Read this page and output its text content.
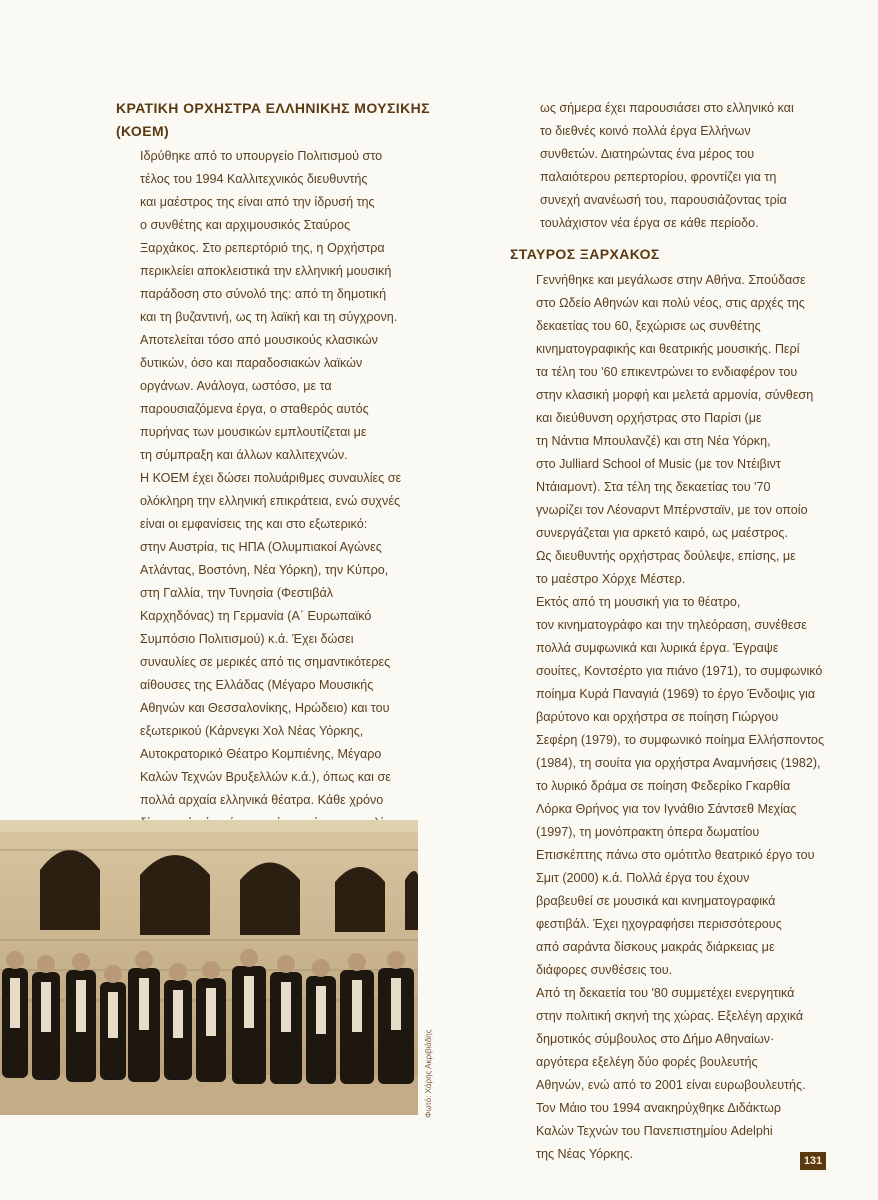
ΚΡΑΤΙΚΗ ΟΡΧΗΣΤΡΑ ΕΛΛΗΝΙΚΗΣ ΜΟΥΣΙΚΗΣ
(ΚΟΕΜ)
Ιδρύθηκε από το υπουργείο Πολιτισμού στο
τέλος του 1994 Καλλιτεχνικός διευθυντής
και μαέστρος της είναι από την ίδρυσή της
ο συνθέτης και αρχιμουσικός Σταύρος
Ξαρχάκος. Στο ρεπερτόριό της, η Ορχήστρα
περικλείει αποκλειστικά την ελληνική μουσική
παράδοση στο σύνολό της: από τη δημοτική
και τη βυζαντινή, ως τη λαϊκή και τη σύγχρονη.
Αποτελείται τόσο από μουσικούς κλασικών
δυτικών, όσο και παραδοσιακών λαϊκών
οργάνων. Ανάλογα, ωστόσο, με τα
παρουσιαζόμενα έργα, ο σταθερός αυτός
πυρήνας των μουσικών εμπλουτίζεται με
τη σύμπραξη και άλλων καλλιτεχνών.
Η ΚΟΕΜ έχει δώσει πολυάριθμες συναυλίες σε
ολόκληρη την ελληνική επικράτεια, ενώ συχνές
είναι οι εμφανίσεις της και στο εξωτερικό:
στην Αυστρία, τις ΗΠΑ (Ολυμπιακοί Αγώνες
Ατλάντας, Βοστόνη, Νέα Υόρκη), την Κύπρο,
στη Γαλλία, την Τυνησία (Φεστιβάλ
Καρχηδόνας) τη Γερμανία (Α΄ Ευρωπαϊκό
Συμπόσιο Πολιτισμού) κ.ά. Έχει δώσει
συναυλίες σε μερικές από τις σημαντικότερες
αίθουσες της Ελλάδας (Μέγαρο Μουσικής
Αθηνών και Θεσσαλονίκης, Ηρώδειο) και του
εξωτερικού (Κάρνεγκι Χολ Νέας Υόρκης,
Αυτοκρατορικό Θέατρο Κομπιένης, Μέγαρο
Καλών Τεχνών Βρυξελλών κ.ά.), όπως και σε
πολλά αρχαία ελληνικά θέατρα. Κάθε χρόνο
ως σήμερα έχει παρουσιάσει στο ελληνικό και
το διεθνές κοινό πολλά έργα Ελλήνων
συνθετών. Διατηρώντας ένα μέρος του
παλαιότερου ρεπερτορίου, φροντίζει για τη
συνεχή ανανέωσή του, παρουσιάζοντας τρία
τουλάχιστον νέα έργα σε κάθε περίοδο.
ΣΤΑΥΡΟΣ ΞΑΡΧΑΚΟΣ
Γεννήθηκε και μεγάλωσε στην Αθήνα. Σπούδασε
στο Ωδείο Αθηνών και πολύ νέος, στις αρχές της
δεκαετίας του 60, ξεχώρισε ως συνθέτης
κινηματογραφικής και θεατρικής μουσικής. Περί
τα τέλη του '60 επικεντρώνει το ενδιαφέρον του
στην κλασική μορφή και μελετά αρμονία, σύνθεση
και διεύθυνση ορχήστρας στο Παρίσι (με
τη Νάντια Μπουλανζέ) και στη Νέα Υόρκη,
στο Julliard School of Music (με τον Ντέιβιντ
Ντάιαμοντ). Στα τέλη της δεκαετίας του '70
γνωρίζει τον Λέοναρντ Μπέρνσταϊν, με τον οποίο
συνεργάζεται για αρκετό καιρό, ως μαέστρος.
Ως διευθυντής ορχήστρας δούλεψε, επίσης, με
το μαέστρο Χόρχε Μέστερ.
Εκτός από τη μουσική για το θέατρο,
τον κινηματογράφο και την τηλεόραση, συνέθεσε
πολλά συμφωνικά και λυρικά έργα. Έγραψε
σουίτες, Κοντσέρτο για πιάνο (1971), το συμφωνικό
ποίημα Κυρά Παναγιά (1969) το έργο Ένδοψις για
βαρύτονο και ορχήστρα σε ποίηση Γιώργου
Σεφέρη (1979), το συμφωνικό ποίημα Ελλήσποντος
(1984), τη σουίτα για ορχήστρα Αναμνήσεις (1982),
το λυρικό δράμα σε ποίηση Φεδερίκο Γκαρθία
Λόρκα Θρήνος για τον Ιγνάθιο Σάντσεθ Μεχίας
(1997), τη μονόπρακτη όπερα δωματίου
Επισκέπτης πάνω στο ομότιτλο θεατρικό έργο του
Σμιτ (2000) κ.ά. Πολλά έργα του έχουν
βραβευθεί σε μουσικά και κινηματογραφικά
φεστιβάλ. Έχει ηχογραφήσει περισσότερους
από σαράντα δίσκους μακράς διάρκειας με
διάφορες συνθέσεις του.
Από τη δεκαετία του '80 συμμετέχει ενεργητικά
στην πολιτική σκηνή της χώρας. Εξελέγη αρχικά
δημοτικός σύμβουλος στο Δήμο Αθηναίων·
αργότερα εξελέγη δύο φορές βουλευτής
Αθηνών, ενώ από το 2001 είναι ευρωβουλευτής.
Τον Μάιο του 1994 ανακηρύχθηκε Διδάκτωρ
Καλών Τεχνών του Πανεπιστημίου Adelphi
της Νέας Υόρκης.
Φωτό: Χάρης Ακριβιάδης
131
